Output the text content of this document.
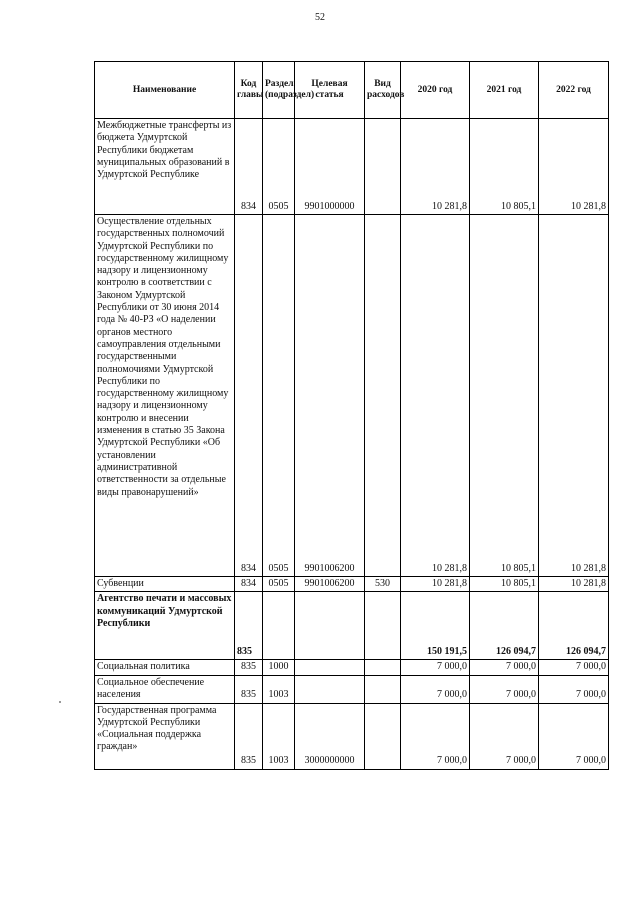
52
Наименование	Код главы	Раздел (подраздел)	Целевая статья	Вид расходов	2020 год	2021 год	2022 год
Межбюджетные трансферты из бюджета Удмуртской Республики бюджетам муниципальных образований в Удмуртской Республике	834	0505	9901000000		10 281,8	10 805,1	10 281,8
Осуществление отдельных государственных полномочий Удмуртской Республики по государственному жилищному надзору и лицензионному контролю в соответствии с Законом Удмуртской Республики от 30 июня 2014 года № 40-РЗ «О наделении органов местного самоуправления отдельными государственными полномочиями Удмуртской Республики по государственному жилищному надзору и лицензионному контролю и внесении изменения в статью 35 Закона Удмуртской Республики «Об установлении административной ответственности за отдельные виды правонарушений»	834	0505	9901006200		10 281,8	10 805,1	10 281,8
Субвенции	834	0505	9901006200	530	10 281,8	10 805,1	10 281,8
Агентство печати и массовых коммуникаций Удмуртской Республики	835				150 191,5	126 094,7	126 094,7
Социальная политика	835	1000			7 000,0	7 000,0	7 000,0
Социальное обеспечение населения	835	1003			7 000,0	7 000,0	7 000,0
Государственная программа Удмуртской Республики «Социальная поддержка граждан»	835	1003	3000000000		7 000,0	7 000,0	7 000,0
